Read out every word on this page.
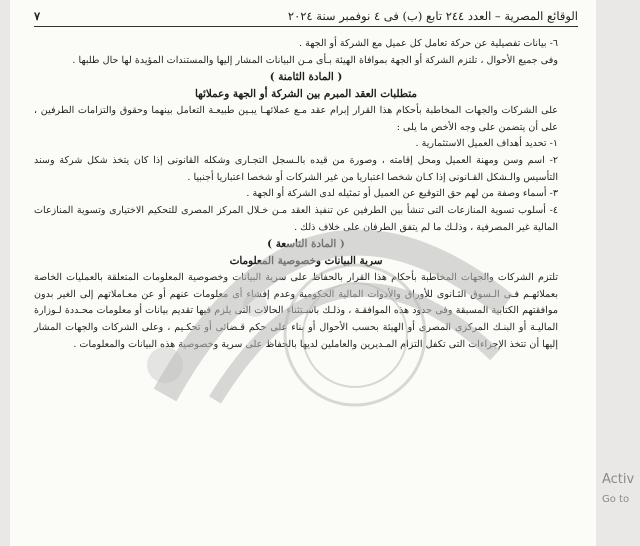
الوقائع المصرية – العدد ٢٤٤ تابع (ب) فى ٤ نوفمبر سنة ٢٠٢٤
٧

٦- بيانات تفصيلية عن حركة تعامل كل عميل مع الشركة أو الجهة .

وفى جميع الأحوال ، تلتزم الشركة أو الجهة بموافاة الهيئة بـأى مـن البيانات المشار إليها والمستندات المؤيدة لها حال طلبها .

( المادة الثامنة )

متطلبات العقد المبرم بين الشركة أو الجهة وعملائها

على الشركات والجهات المخاطبة بأحكام هذا القرار إبرام عقد مـع عملائهـا يبـين طبيعـة التعامل بينهما وحقوق والتزامات الطرفين ، على أن يتضمن على وجه الأخص ما يلى :

١- تحديد أهداف العميل الاستثمارية .

٢- اسم وسن ومهنة العميل ومحل إقامته ، وصورة من قيده بالـسجل التجـارى وشكله القانونى إذا كان يتخذ شكل شركة وسند التأسيس والـشكل القـانونى إذا كـان شخصا اعتباريا من غير الشركات أو شخصا اعتباريا أجنبيا .

٣- أسماء وصفة من لهم حق التوقيع عن العميل أو تمثيله لدى الشركة أو الجهة .

٤- أسلوب تسوية المنازعات التى تنشأ بين الطرفين عن تنفيذ العقد مـن خـلال المركز المصرى للتحكيم الاختيارى وتسوية المنازعات المالية غير المصرفية ، وذلـك ما لم يتفق الطرفان على خلاف ذلك .

( المادة التاسعة )

سرية البيانات وخصوصية المعلومات

تلتزم الشركات والجهات المخاطبة بأحكام هذا القرار بالحفاظ على سرية البيانات وخصوصية المعلومات المتعلقة بالعمليات الخاصة بعملائهـم فـى الـسوق الثـانوى للأوراق والأدوات المالية الحكومية وعدم إفشاء أى معلومات عنهم أو عن معـاملاتهم إلى الغير بدون موافقتهم الكتابية المسبقة وفى حدود هذه الموافقـة ، وذلـك باسـتثناء الحالات التى يلزم فيها تقديم بيانات أو معلومات محـددة لـوزارة الماليـة أو البنـك المركزى المصرى أو الهيئة بحسب الأحوال أو بناء على حكم قـضائى أو تحكـيم ، وعلى الشركات والجهات المشار إليها أن تتخذ الإجراءات التى تكفل التزام المـديرين والعاملين لديها بالحفاظ على سرية وخصوصية هذه البيانات والمعلومات .

Activ
Go to
